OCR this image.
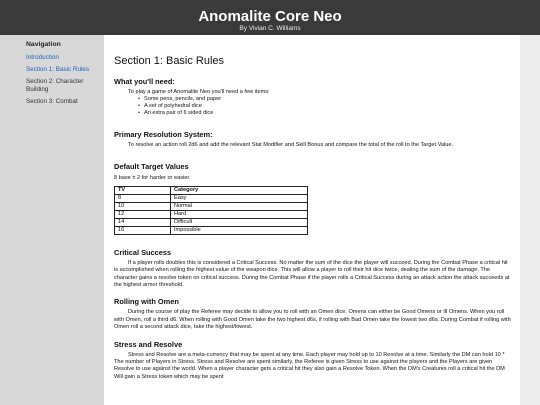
Anomalite Core Neo
By Vivian C. Williams
Navigation
Introduction
Section 1: Basic Rules
Section 2: Character Building
Section 3: Combat
Section 1: Basic Rules
What you'll need:
To play a game of Anomalite Neo you'll need a few items:
• Some pens, pencils, and paper
• A set of polyhedral dice
• An extra pair of 6 sided dice
Primary Resolution System:

To resolve an action roll 2d6 and add the relevant Stat Modifier and Skill Bonus and compare the total of the roll to the Target Value.

Default Target Values

8 base ± 2 for harder or easier.

TV	Category
8	Easy
10	Normal
12	Hard
14	Difficult
16	Impossible
Critical Success

If a player rolls doubles this is considered a Critical Success. No matter the sum of the dice the player will succeed. During the Combat Phase a critical hit is accomplished when rolling the highest value of the weapon dice. This will allow a player to roll their hit dice twice, dealing the sum of the damage. The character gains a resolve token on critical success. During the Combat Phase if the player rolls a Critical Success during an attack action the attack succeeds at the highest armor threshold.

Rolling with Omen

During the course of play the Referee may decide to allow you to roll with an Omen dice. Omens can either be Good Omens or Ill Omens. When you roll with Omen, roll a third d6. When rolling with Good Omen take the two highest d6s, if rolling with Bad Omen take the lowest two d6s. During Combat if rolling with Omen roll a second attack dice, take the highest/lowest.

Stress and Resolve

Stress and Resolve are a meta-currency that may be spent at any time. Each player may hold up to 10 Resolve at a time. Similarly the DM can hold 10 * The number of Players in Stress. Stress and Resolve are spent similarly, the Referee is given Stress to use against the players and the Players are given Resolve to use against the world. When a player character gets a critical hit they also gain a Resolve Token. When the DM's Creatures roll a critical hit the DM Will gain a Stress token which may be spent
